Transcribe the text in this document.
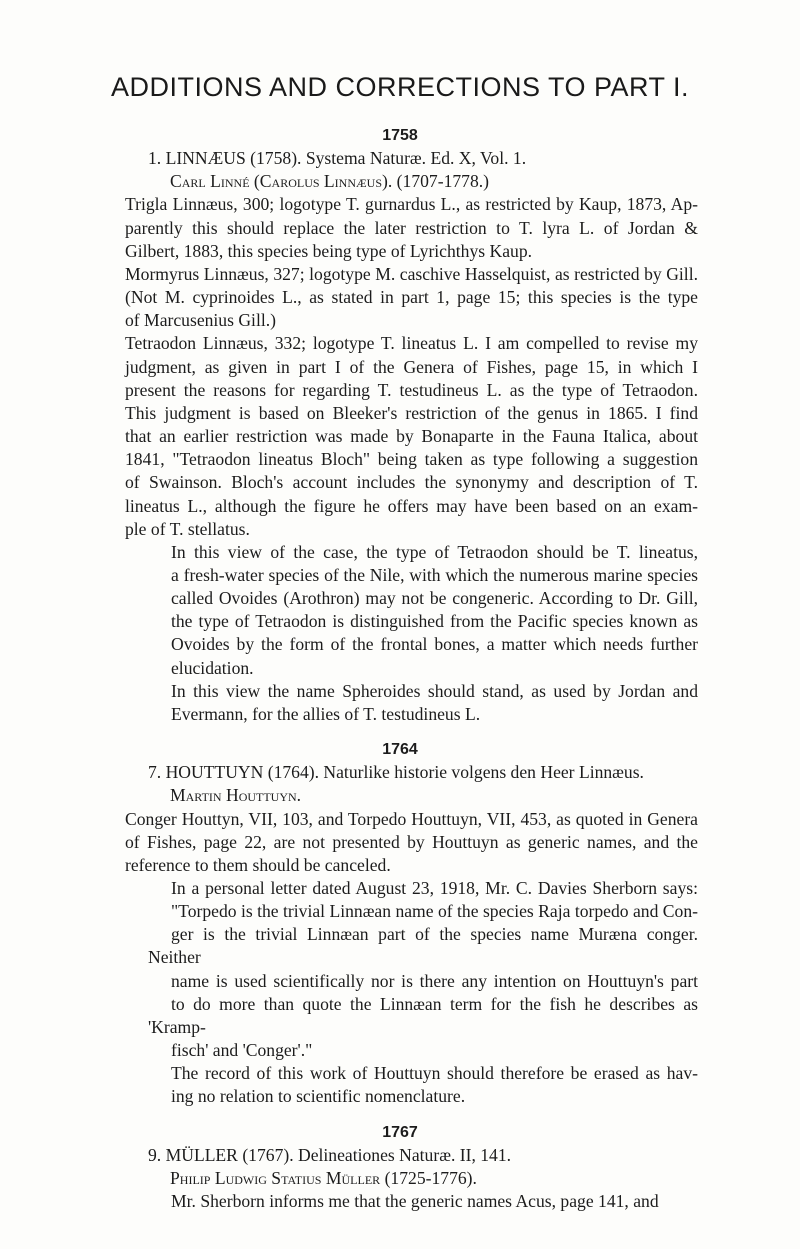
ADDITIONS AND CORRECTIONS TO PART I.
1758
1. LINNÆUS (1758). Systema Naturæ. Ed. X, Vol. 1.
Carl Linné (Carolus Linnæus). (1707-1778.)
Trigla Linnæus, 300; logotype T. gurnardus L., as restricted by Kaup, 1873, Ap-
parently this should replace the later restriction to T. lyra L. of Jordan &
Gilbert, 1883, this species being type of Lyrichthys Kaup.
Mormyrus Linnæus, 327; logotype M. caschive Hasselquist, as restricted by Gill.
(Not M. cyprinoides L., as stated in part 1, page 15; this species is the type
of Marcusenius Gill.)
Tetraodon Linnæus, 332; logotype T. lineatus L. I am compelled to revise my
judgment, as given in part I of the Genera of Fishes, page 15, in which I
present the reasons for regarding T. testudineus L. as the type of Tetraodon.
This judgment is based on Bleeker's restriction of the genus in 1865. I find
that an earlier restriction was made by Bonaparte in the Fauna Italica, about
1841, "Tetraodon lineatus Bloch" being taken as type following a suggestion
of Swainson. Bloch's account includes the synonymy and description of T.
lineatus L., although the figure he offers may have been based on an exam-
ple of T. stellatus.
In this view of the case, the type of Tetraodon should be T. lineatus,
a fresh-water species of the Nile, with which the numerous marine species
called Ovoides (Arothron) may not be congeneric. According to Dr. Gill,
the type of Tetraodon is distinguished from the Pacific species known as
Ovoides by the form of the frontal bones, a matter which needs further
elucidation.
In this view the name Spheroides should stand, as used by Jordan and
Evermann, for the allies of T. testudineus L.
1764
7. HOUTTUYN (1764). Naturlike historie volgens den Heer Linnæus.
Martin Houttuyn.
Conger Houttyn, VII, 103, and Torpedo Houttuyn, VII, 453, as quoted in Genera
of Fishes, page 22, are not presented by Houttuyn as generic names, and the
reference to them should be canceled.
In a personal letter dated August 23, 1918, Mr. C. Davies Sherborn says:
"Torpedo is the trivial Linnæan name of the species Raja torpedo and Con-
ger is the trivial Linnæan part of the species name Muræna conger. Neither
name is used scientifically nor is there any intention on Houttuyn's part
to do more than quote the Linnæan term for the fish he describes as 'Kramp-
fisch' and 'Conger'."
The record of this work of Houttuyn should therefore be erased as hav-
ing no relation to scientific nomenclature.
1767
9. MÜLLER (1767). Delineationes Naturæ. II, 141.
Philip Ludwig Statius Müller (1725-1776).
Mr. Sherborn informs me that the generic names Acus, page 141, and
